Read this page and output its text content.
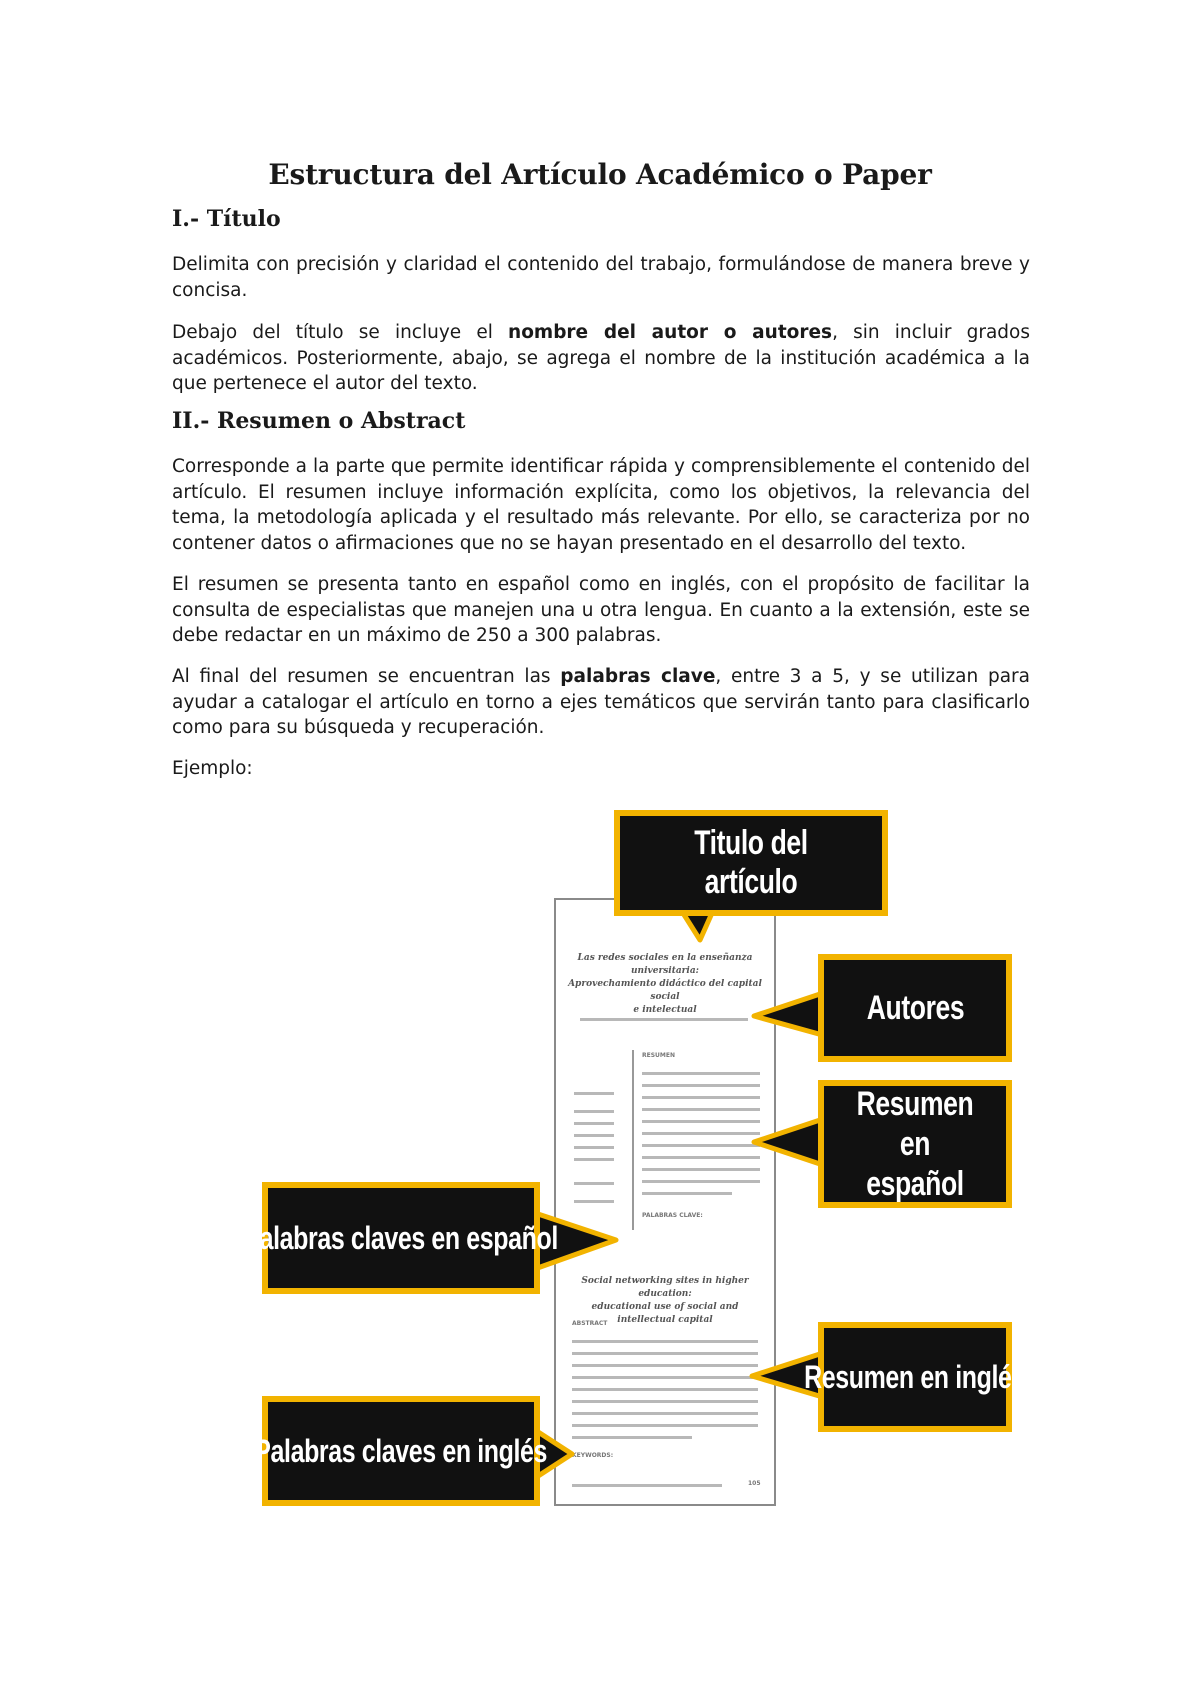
Estructura del Artículo Académico o Paper
I.- Título

Delimita con precisión y claridad el contenido del trabajo, formulándose de manera breve y concisa.

Debajo del título se incluye el nombre del autor o autores, sin incluir grados académicos. Posteriormente, abajo, se agrega el nombre de la institución académica a la que pertenece el autor del texto.

II.- Resumen o Abstract

Corresponde a la parte que permite identificar rápida y comprensiblemente el contenido del artículo. El resumen incluye información explícita, como los objetivos, la relevancia del tema, la metodología aplicada y el resultado más relevante. Por ello, se caracteriza por no contener datos o afirmaciones que no se hayan presentado en el desarrollo del texto.

El resumen se presenta tanto en español como en inglés, con el propósito de facilitar la consulta de especialistas que manejen una u otra lengua. En cuanto a la extensión, este se debe redactar en un máximo de 250 a 300 palabras.

Al final del resumen se encuentran las palabras clave, entre 3 a 5, y se utilizan para ayudar a catalogar el artículo en torno a ejes temáticos que servirán tanto para clasificarlo como para su búsqueda y recuperación.

Ejemplo:

Las redes sociales en la enseñanza universitaria:
Aprovechamiento didáctico del capital social
e intelectual
RESUMEN
PALABRAS CLAVE:
Social networking sites in higher education:
educational use of social and intellectual capital
ABSTRACT
KEYWORDS:
105
Titulo del artículo
Autores
Resumen en
español
Palabras claves en español
Resumen en inglés
Palabras claves en inglés
